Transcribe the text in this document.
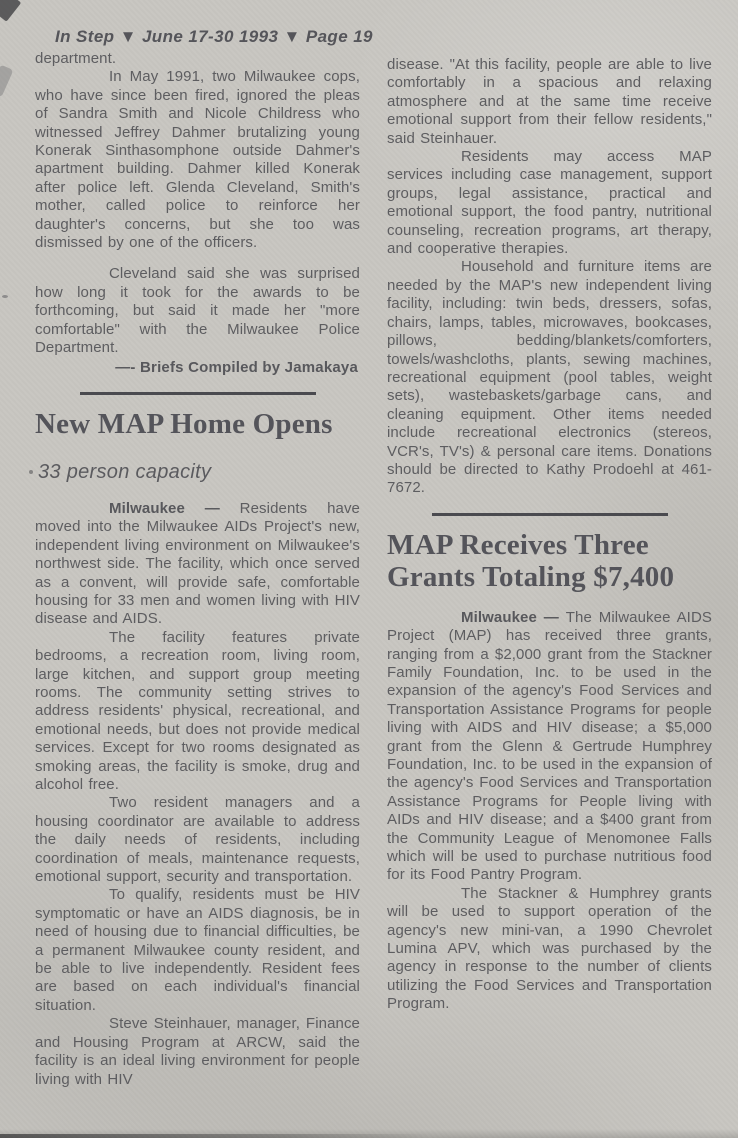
In Step ▼ June 17-30 1993 ▼ Page 19

department.

In May 1991, two Milwaukee cops, who have since been fired, ignored the pleas of Sandra Smith and Nicole Childress who witnessed Jeffrey Dahmer brutalizing young Konerak Sinthasomphone outside Dahmer's apartment building. Dahmer killed Konerak after police left. Glenda Cleveland, Smith's mother, called police to reinforce her daughter's concerns, but she too was dismissed by one of the officers.

Cleveland said she was surprised how long it took for the awards to be forthcoming, but said it made her "more comfortable" with the Milwaukee Police Department.

—- Briefs Compiled by Jamakaya

New MAP Home Opens

33 person capacity

Milwaukee — Residents have moved into the Milwaukee AIDs Project's new, independent living environment on Milwaukee's northwest side. The facility, which once served as a convent, will provide safe, comfortable housing for 33 men and women living with HIV disease and AIDS.

The facility features private bedrooms, a recreation room, living room, large kitchen, and support group meeting rooms. The community setting strives to address residents' physical, recreational, and emotional needs, but does not provide medical services. Except for two rooms designated as smoking areas, the facility is smoke, drug and alcohol free.

Two resident managers and a housing coordinator are available to address the daily needs of residents, including coordination of meals, maintenance requests, emotional support, security and transportation.

To qualify, residents must be HIV symptomatic or have an AIDS diagnosis, be in need of housing due to financial difficulties, be a permanent Milwaukee county resident, and be able to live independently. Resident fees are based on each individual's financial situation.

Steve Steinhauer, manager, Finance and Housing Program at ARCW, said the facility is an ideal living environment for people living with HIV

disease. "At this facility, people are able to live comfortably in a spacious and relaxing atmosphere and at the same time receive emotional support from their fellow residents," said Steinhauer.

Residents may access MAP services including case management, support groups, legal assistance, practical and emotional support, the food pantry, nutritional counseling, recreation programs, art therapy, and cooperative therapies.

Household and furniture items are needed by the MAP's new independent living facility, including: twin beds, dressers, sofas, chairs, lamps, tables, microwaves, bookcases, pillows, bedding/blankets/comforters, towels/washcloths, plants, sewing machines, recreational equipment (pool tables, weight sets), wastebaskets/garbage cans, and cleaning equipment. Other items needed include recreational electronics (stereos, VCR's, TV's) & personal care items. Donations should be directed to Kathy Prodoehl at 461-7672.

MAP Receives Three Grants Totaling $7,400

Milwaukee — The Milwaukee AIDS Project (MAP) has received three grants, ranging from a $2,000 grant from the Stackner Family Foundation, Inc. to be used in the expansion of the agency's Food Services and Transportation Assistance Programs for people living with AIDS and HIV disease; a $5,000 grant from the Glenn & Gertrude Humphrey Foundation, Inc. to be used in the expansion of the agency's Food Services and Transportation Assistance Programs for People living with AIDs and HIV disease; and a $400 grant from the Community League of Menomonee Falls which will be used to purchase nutritious food for its Food Pantry Program.

The Stackner & Humphrey grants will be used to support operation of the agency's new mini-van, a 1990 Chevrolet Lumina APV, which was purchased by the agency in response to the number of clients utilizing the Food Services and Transportation Program.
